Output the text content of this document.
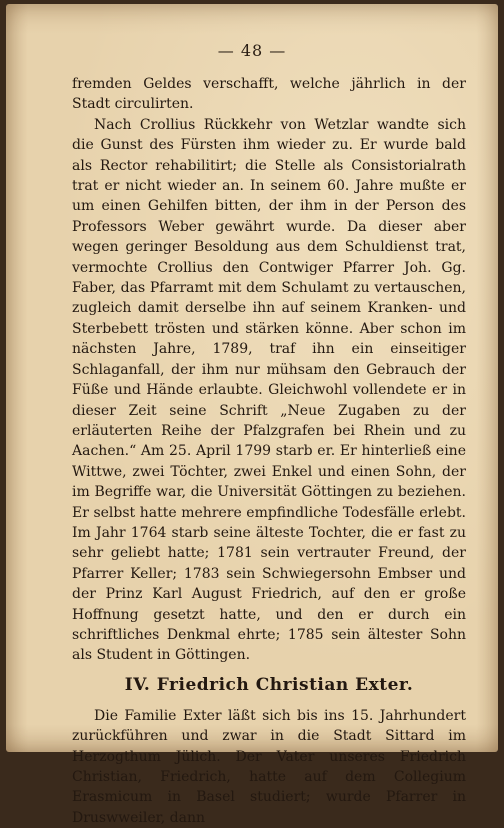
— 48 —

fremden Geldes verschafft, welche jährlich in der Stadt circulirten.

Nach Crollius Rückkehr von Wetzlar wandte sich die Gunst des Fürsten ihm wieder zu. Er wurde bald als Rector rehabilitirt; die Stelle als Consistorialrath trat er nicht wieder an. In seinem 60. Jahre mußte er um einen Gehilfen bitten, der ihm in der Person des Professors Weber gewährt wurde. Da dieser aber wegen geringer Besoldung aus dem Schuldienst trat, vermochte Crollius den Contwiger Pfarrer Joh. Gg. Faber, das Pfarramt mit dem Schulamt zu vertauschen, zugleich damit derselbe ihn auf seinem Kranken- und Sterbebett trösten und stärken könne. Aber schon im nächsten Jahre, 1789, traf ihn ein einseitiger Schlaganfall, der ihm nur mühsam den Gebrauch der Füße und Hände erlaubte. Gleichwohl vollendete er in dieser Zeit seine Schrift „Neue Zugaben zu der erläuterten Reihe der Pfalzgrafen bei Rhein und zu Aachen.“ Am 25. April 1799 starb er. Er hinterließ eine Wittwe, zwei Töchter, zwei Enkel und einen Sohn, der im Begriffe war, die Universität Göttingen zu beziehen. Er selbst hatte mehrere empfindliche Todesfälle erlebt. Im Jahr 1764 starb seine älteste Tochter, die er fast zu sehr geliebt hatte; 1781 sein vertrauter Freund, der Pfarrer Keller; 1783 sein Schwiegersohn Embser und der Prinz Karl August Friedrich, auf den er große Hoffnung gesetzt hatte, und den er durch ein schriftliches Denkmal ehrte; 1785 sein ältester Sohn als Student in Göttingen.

IV. Friedrich Christian Exter.

Die Familie Exter läßt sich bis ins 15. Jahrhundert zurückführen und zwar in die Stadt Sittard im Herzogthum Jülich. Der Vater unseres Friedrich Christian, Friedrich, hatte auf dem Collegium Erasmicum in Basel studiert; wurde Pfarrer in Druswweiler, dann
